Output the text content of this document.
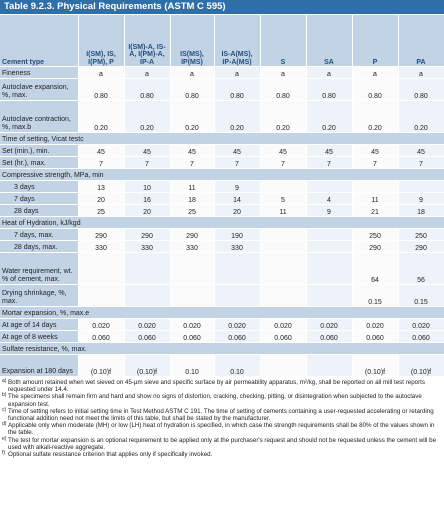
Table 9.2.3. Physical Requirements (ASTM C 595)
Cement type	I(SM), IS, I(PM), P	I(SM)-A, IS-A, I(PM)-A, IP-A	IS(MS), IP(MS)	IS-A(MS), IP-A(MS)	S	SA	P	PA
Fineness	a	a	a	a	a	a	a	a
Autoclave expansion, %, max.	0.80	0.80	0.80	0.80	0.80	0.80	0.80	0.80
Autoclave contraction, %, max.b	0.20	0.20	0.20	0.20	0.20	0.20	0.20	0.20
Time of setting, Vicat testc								
Set (min.), min.	45	45	45	45	45	45	45	45
Set (hr.), max.	7	7	7	7	7	7	7	7
Compressive strength, MPa, min								
3 days	13	10	11	9				
7 days	20	16	18	14	5	4	11	9
28 days	25	20	25	20	11	9	21	18
Heat of Hydration, kJ/kgd								
7 days, max.	290	290	290	190			250	250
28 days, max.	330	330	330	330			290	290
Water requirement, wt. % of cement, max.							64	56
Drying shrinkage, %, max.							0.15	0.15
Mortar expansion, %, max.e								
At age of 14 days	0.020	0.020	0.020	0.020	0.020	0.020	0.020	0.020
At age of 8 weeks	0.060	0.060	0.060	0.060	0.060	0.060	0.060	0.060
Sulfate resistance, %, max.								
Expansion at 180 days	(0.10)f	(0.10)f	0.10	0.10			(0.10)f	(0.10)f
a) Both amount retained when wet sieved on 45-µm sieve and specific surface by air permeability apparatus, m²/kg, shall be reported on all mill test reports requested under 14.4.
b) The specimens shall remain firm and hard and show no signs of distortion, cracking, checking, pitting, or disintegration when subjected to the autoclave expansion test.
c) Time of setting refers to initial setting time in Test Method ASTM C 191. The time of setting of cements containing a user-requested accelerating or retarding functional addition need not meet the limits of this table, but shall be stated by the manufacturer.
d) Applicable only when moderate (MH) or low (LH) heat of hydration is specified, in which case the strength requirements shall be 80% of the values shown in the table.
e) The test for mortar expansion is an optional requirement to be applied only at the purchaser's request and should not be requested unless the cement will be used with alkali-reactive aggregate.
f) Optional sulfate resistance criterion that applies only if specifically invoked.
